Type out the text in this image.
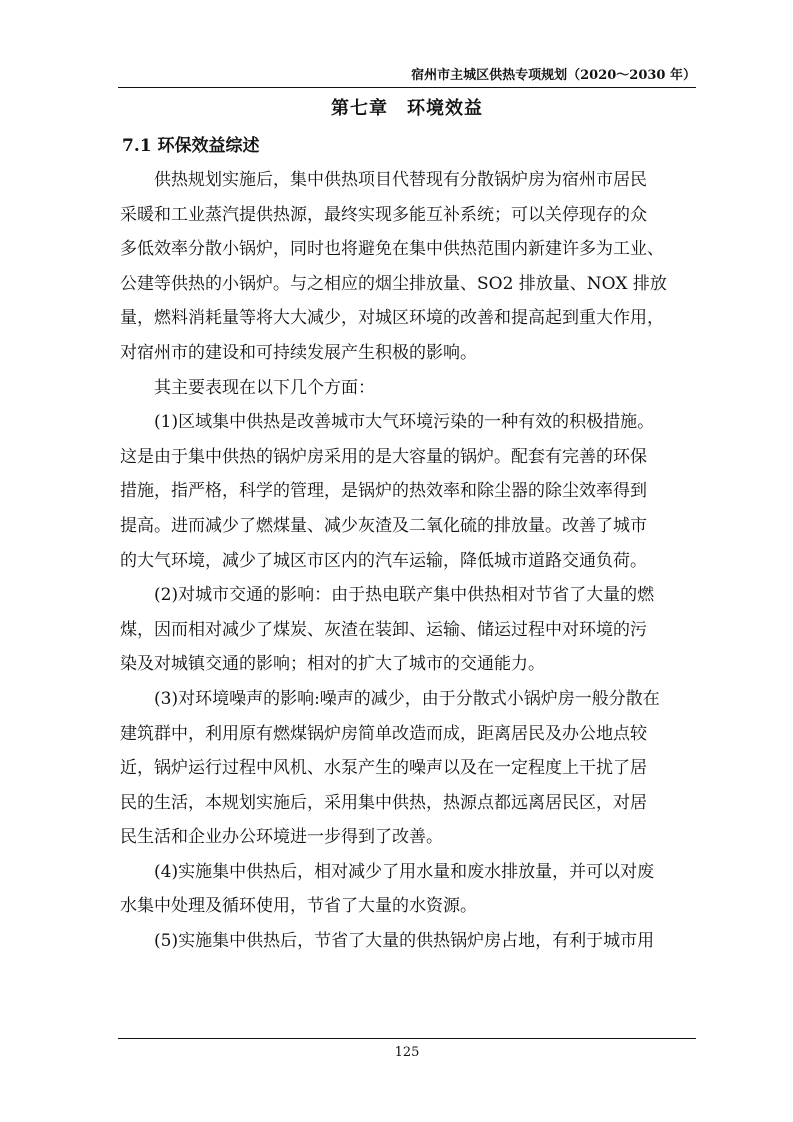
宿州市主城区供热专项规划（2020～2030 年）
第七章　环境效益
7.1 环保效益综述
供热规划实施后，集中供热项目代替现有分散锅炉房为宿州市居民
采暖和工业蒸汽提供热源，最终实现多能互补系统；可以关停现存的众
多低效率分散小锅炉，同时也将避免在集中供热范围内新建许多为工业、
公建等供热的小锅炉。与之相应的烟尘排放量、SO2 排放量、NOX 排放
量，燃料消耗量等将大大减少，对城区环境的改善和提高起到重大作用，
对宿州市的建设和可持续发展产生积极的影响。
其主要表现在以下几个方面：
(1)区域集中供热是改善城市大气环境污染的一种有效的积极措施。
这是由于集中供热的锅炉房采用的是大容量的锅炉。配套有完善的环保
措施，指严格，科学的管理，是锅炉的热效率和除尘器的除尘效率得到
提高。进而减少了燃煤量、减少灰渣及二氧化硫的排放量。改善了城市
的大气环境，减少了城区市区内的汽车运输，降低城市道路交通负荷。
(2)对城市交通的影响：由于热电联产集中供热相对节省了大量的燃
煤，因而相对减少了煤炭、灰渣在装卸、运输、储运过程中对环境的污
染及对城镇交通的影响；相对的扩大了城市的交通能力。
(3)对环境噪声的影响:噪声的减少，由于分散式小锅炉房一般分散在
建筑群中，利用原有燃煤锅炉房简单改造而成，距离居民及办公地点较
近，锅炉运行过程中风机、水泵产生的噪声以及在一定程度上干扰了居
民的生活，本规划实施后，采用集中供热，热源点都远离居民区，对居
民生活和企业办公环境进一步得到了改善。
(4)实施集中供热后，相对减少了用水量和废水排放量，并可以对废
水集中处理及循环使用，节省了大量的水资源。
(5)实施集中供热后，节省了大量的供热锅炉房占地，有利于城市用
125
